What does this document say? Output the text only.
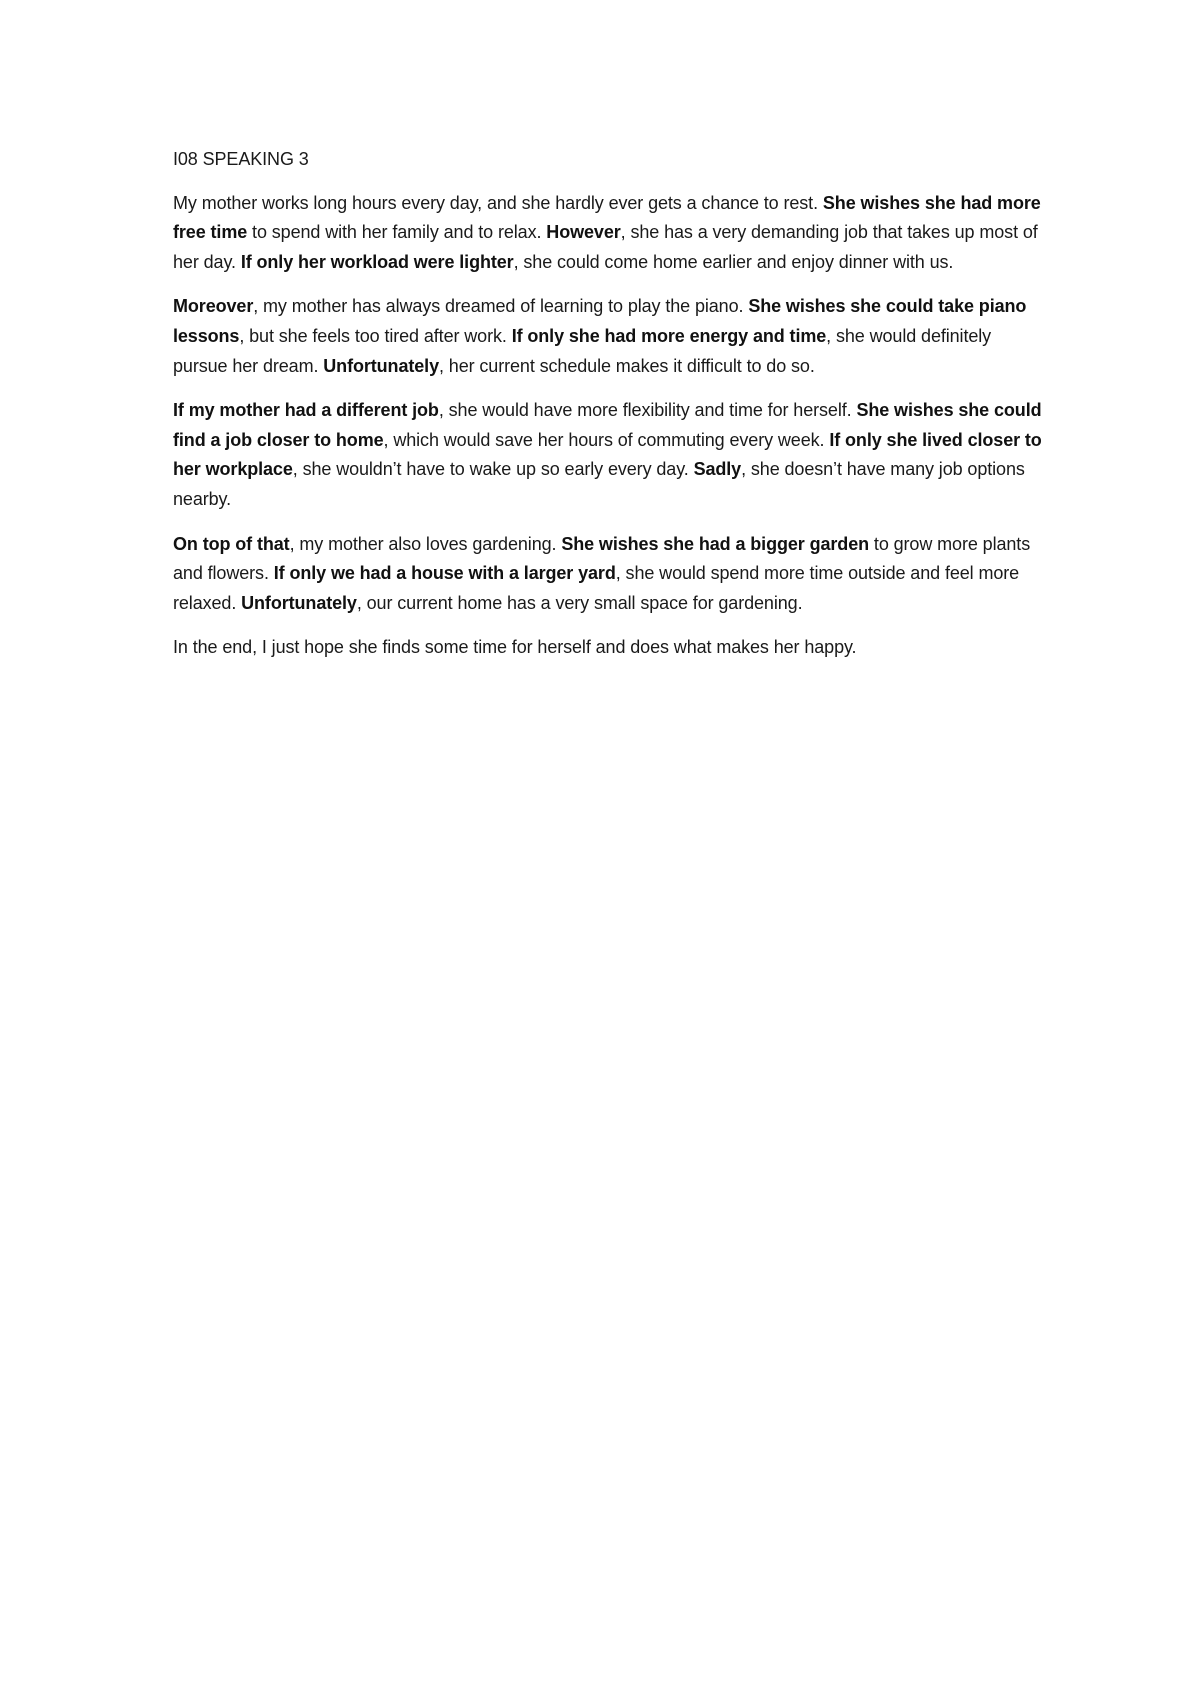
I08 SPEAKING 3

My mother works long hours every day, and she hardly ever gets a chance to rest. She wishes she had more free time to spend with her family and to relax. However, she has a very demanding job that takes up most of her day. If only her workload were lighter, she could come home earlier and enjoy dinner with us.

Moreover, my mother has always dreamed of learning to play the piano. She wishes she could take piano lessons, but she feels too tired after work. If only she had more energy and time, she would definitely pursue her dream. Unfortunately, her current schedule makes it difficult to do so.

If my mother had a different job, she would have more flexibility and time for herself. She wishes she could find a job closer to home, which would save her hours of commuting every week. If only she lived closer to her workplace, she wouldn’t have to wake up so early every day. Sadly, she doesn’t have many job options nearby.

On top of that, my mother also loves gardening. She wishes she had a bigger garden to grow more plants and flowers. If only we had a house with a larger yard, she would spend more time outside and feel more relaxed. Unfortunately, our current home has a very small space for gardening.

In the end, I just hope she finds some time for herself and does what makes her happy.
